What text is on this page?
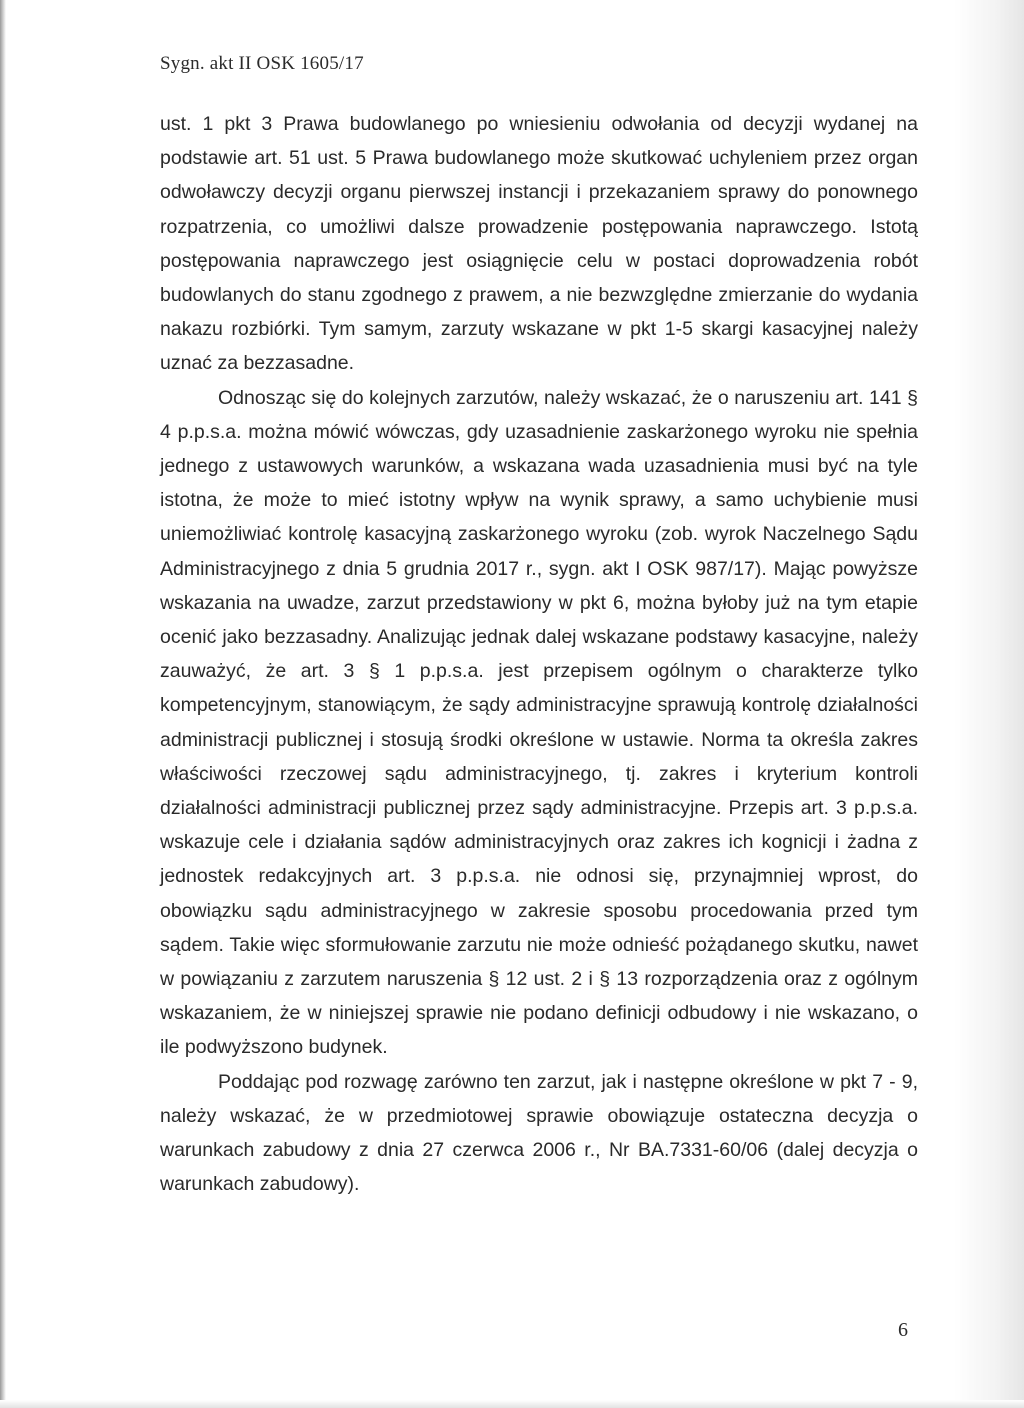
Sygn. akt II OSK 1605/17

ust. 1 pkt 3 Prawa budowlanego po wniesieniu odwołania od decyzji wydanej na podstawie art. 51 ust. 5 Prawa budowlanego może skutkować uchyleniem przez organ odwoławczy decyzji organu pierwszej instancji i przekazaniem sprawy do ponownego rozpatrzenia, co umożliwi dalsze prowadzenie postępowania naprawczego. Istotą postępowania naprawczego jest osiągnięcie celu w postaci doprowadzenia robót budowlanych do stanu zgodnego z prawem, a nie bezwzględne zmierzanie do wydania nakazu rozbiórki. Tym samym, zarzuty wskazane w pkt 1-5 skargi kasacyjnej należy uznać za bezzasadne.

Odnosząc się do kolejnych zarzutów, należy wskazać, że o naruszeniu art. 141 § 4 p.p.s.a. można mówić wówczas, gdy uzasadnienie zaskarżonego wyroku nie spełnia jednego z ustawowych warunków, a wskazana wada uzasadnienia musi być na tyle istotna, że może to mieć istotny wpływ na wynik sprawy, a samo uchybienie musi uniemożliwiać kontrolę kasacyjną zaskarżonego wyroku (zob. wyrok Naczelnego Sądu Administracyjnego z dnia 5 grudnia 2017 r., sygn. akt I OSK 987/17). Mając powyższe wskazania na uwadze, zarzut przedstawiony w pkt 6, można byłoby już na tym etapie ocenić jako bezzasadny. Analizując jednak dalej wskazane podstawy kasacyjne, należy zauważyć, że art. 3 § 1 p.p.s.a. jest przepisem ogólnym o charakterze tylko kompetencyjnym, stanowiącym, że sądy administracyjne sprawują kontrolę działalności administracji publicznej i stosują środki określone w ustawie. Norma ta określa zakres właściwości rzeczowej sądu administracyjnego, tj. zakres i kryterium kontroli działalności administracji publicznej przez sądy administracyjne. Przepis art. 3 p.p.s.a. wskazuje cele i działania sądów administracyjnych oraz zakres ich kognicji i żadna z jednostek redakcyjnych art. 3 p.p.s.a. nie odnosi się, przynajmniej wprost, do obowiązku sądu administracyjnego w zakresie sposobu procedowania przed tym sądem. Takie więc sformułowanie zarzutu nie może odnieść pożądanego skutku, nawet w powiązaniu z zarzutem naruszenia § 12 ust. 2 i § 13 rozporządzenia oraz z ogólnym wskazaniem, że w niniejszej sprawie nie podano definicji odbudowy i nie wskazano, o ile podwyższono budynek.

Poddając pod rozwagę zarówno ten zarzut, jak i następne określone w pkt 7 - 9, należy wskazać, że w przedmiotowej sprawie obowiązuje ostateczna decyzja o warunkach zabudowy z dnia 27 czerwca 2006 r., Nr BA.7331-60/06 (dalej decyzja o warunkach zabudowy).

6
